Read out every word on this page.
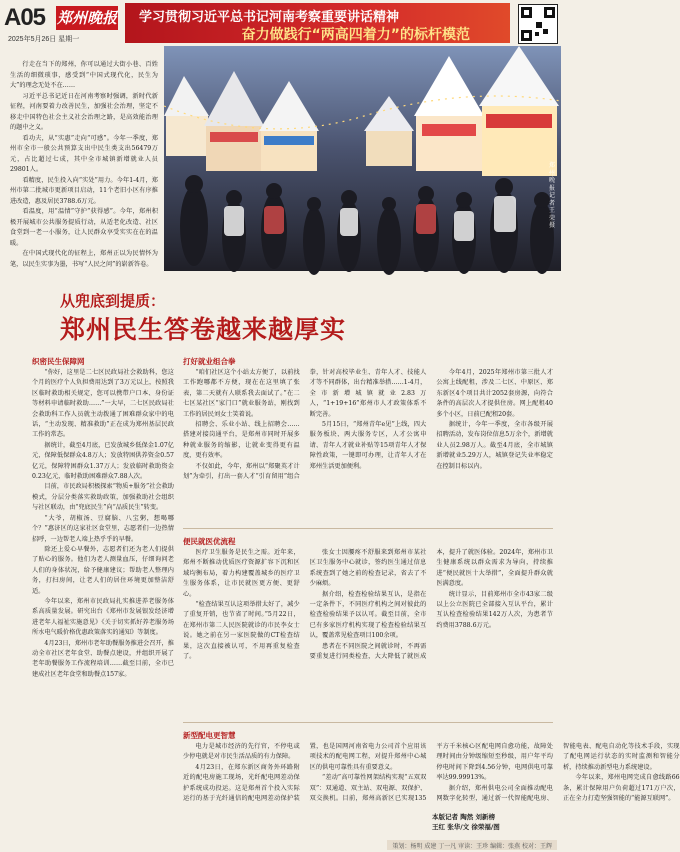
A05 郑州晚报
2025年5月26日 星期一
学习贯彻习近平总书记河南考察重要讲话精神
奋力做践行“两高四着力”的标杆模范

行走在当下的郑州，你可以通过大街小巷、百姓生活的细微琐事，感受到“中国式现代化，民生为大”的理念无处不在……

习近平总书记近日在河南考察时强调，新时代新征程，河南要着力改善民生，加强社会治理，坚定不移走中国特色社会主义社会治理之路，是高效能治理的题中之义。

看功夫，从“实惠”走向“可感”。今年一季度，郑州市全市一般公共预算支出中民生类支出56479万元，占比超过七成，其中全市城镇新增就业人员29801人。

看精度，民生投入向“实处”用力。今年1-4月，郑州市第二批城市更新项目启动，11个老旧小区有序推进改造，惠及居民3788.6万元。

看温度，用“温情”守护“获得感”。今年，郑州积极开展城市公共服务提质行动，从适老化改造、社区食堂到一老一小服务，让人民群众享受实实在在的温暖。

在中国式现代化的征程上，郑州正以为民情怀为笔，以民生实事为墨，书写“人民之问”的崭新答卷。

郑州晚报记者 王荣 摄
从兜底到提质：
郑州民生答卷越来越厚实
织密民生保障网

“你好，这里是二七区民政局社会救助科，您这个月的医疗个人负担费用达到了3万元以上，按照我区临时救助相关规定，您可以携带户口本、身份证等材料申请临时救助……”一大早，二七区民政局社会救助科工作人员就主动拨通了困难群众家中的电话，“主动发现、精准救助”正在成为郑州基层民政工作的常态。

据统计，截至4月底，已发放城乡低保金1.07亿元，保障低保群众4.8万人；发放特困供养资金0.57亿元，保障特困群众1.37万人；发放临时救助资金0.23亿元，临时救助困难群众7.88人次。

目前，市民政局积极探索“物质+服务”社会救助模式，分层分类落实救助政策，加强救助社会组织与社区联动，由“兜底民生”向“品质民生”转变。

“大爷，胡椒汤、豆腐脑、八宝粥，想喝哪个？”惠济区的这家社区食堂里，志愿者们一边热情招呼，一边帮老人端上热乎乎的早餐。

除还上爱心早餐外，志愿者们还为老人们提供了贴心的服务。他们为老人测量血压，仔细询问老人们的身体状况，给予健康建议；帮助老人整理内务，打扫房间，让老人们的居住环境更加整洁舒适。

今年以来，郑州市民政局扎实推进养老服务体系高质量发展。研究出台《郑州市发展银发经济增进老年人福祉实施意见》《关于切实抓好养老服务场所水电气暖价格优惠政策落实的通知》等制度。

4月23日，郑州市老年助餐服务推进会召开，推动全市社区老年食堂、助餐点建设，并组织开展了老年助餐服务工作流程培训……截至目前，全市已建成社区老年食堂和助餐点157家。

打好就业组合拳

“咱们社区这个小站太方便了，以前找工作跑哪都不方便，现在在这里填了张表，第二天就有人联系我去面试了。”在二七区某社区“家门口”就业服务站，刚找到工作的居民刘女士笑着说。

招聘会、乐业小站、线上招聘会……搭建对接岗通平台，是郑州市同时开展多种就业服务的缩影，让就业变得更有温度，更有效率。

不仅如此，今年，郑州以“郑聚英才计划”为牵引，打出一套人才“引育留用”组合拳，针对高校毕业生、青年人才、技能人才等不同群体，出台精准举措……1-4月，全市新增城镇就业2.83万人，“1+19+16”郑州市人才政策体系不断完善。

5月15日，“郑州青年e见”上线，四大服务板块、两大服务专区，人才公寓申请、青年人才就业补贴等15项青年人才保障性政策，一键即可办理，让青年人才在郑州生活更加便利。

今年4月，2025年郑州市第三批人才公寓上线配租，涉及二七区、中原区、郑东新区4个项目共计2052套房源，向符合条件的高层次人才提供住房。网上配租40多个小区，日前已配租20套。

据统计，今年一季度，全市各级开展招聘活动，发布岗位信息5万余个，新增就业人员2.98万人。截至4月底，全市城镇新增就业5.29万人，城镇登记失业率稳定在控制目标以内。

便民就医优流程

医疗卫生服务是民生之需。近年来，郑州不断推动优质医疗资源扩容下沉和区域均衡布局，着力构建覆盖城乡的医疗卫生服务体系，让市民就医更方便、更舒心。

“检查结果互认这项举措太好了，减少了重复开销，也节省了时间。”5月22日，在郑州市第二人民医院就诊的市民李女士说。她之前在另一家医院做的CT检查结果，这次直接被认可，不用再重复检查了。

张女士因腰疼不舒服来到郑州市某社区卫生服务中心就诊，签约医生通过信息系统查到了她之前的检查记录，省去了不少麻烦。

据介绍，检查检验结果互认，是指在一定条件下，不同医疗机构之间对彼此的检查检验结果予以认可。截至目前，全市已有多家医疗机构实现了检查检验结果互认，覆盖常见检查项目100余项。

患者在不同医院之间就诊时，不再需要重复进行同类检查，大大降低了就医成本，提升了就医体验。2024年，郑州市卫生健康系统以群众需求为导向，持续推进“便民就医十大举措”，全面提升群众就医满意度。

统计显示，目前郑州市全市43家二级以上公立医院已全部接入互认平台，累计互认检查检验结果142万人次，为患者节约费用3788.6万元。

新型配电更智慧

电力是城市经济的先行官，不停电或少停电就是对市民生活品质的有力保障。

4月23日，在郑东新区商务外环路附近的配电房施工现场，光纤配电网差动保护系统成功投运。这是郑州首个投入实际运行的基于光纤通信的配电网差动保护装置，也是国网河南省电力公司首个应用该项技术的配电网工程，对提升郑州中心城区的供电可靠性具有重要意义。

“差动”高可靠性网架结构实现“五双双双”：双通道、双主站、双电源、双保护、双交换机。目前，郑州高新区已实现135平方千米核心区配电网自愈功能，故障处理时间由分钟级缩短至秒级，用户年平均停电时间下降到4.56分钟，电网供电可靠率达99.99913%。

据介绍，郑州供电公司全面推动配电网数字化转型，通过新一代智能配电房、智能电表、配电自动化等技术手段，实现了配电网运行状态的实时监测和智能分析，持续推动新型电力系统建设。

今年以来，郑州电网完成自愈线路66条，累计保障用户负荷超过171万户次，正在全力打造坚强智能的“能源互联网”。

本版记者 陶然 刘新榜
王红 张华/文 徐荣福/图
策划：杨明 成建 丁一凡 审读：王珍 编辑：张燕 校对：王辉
